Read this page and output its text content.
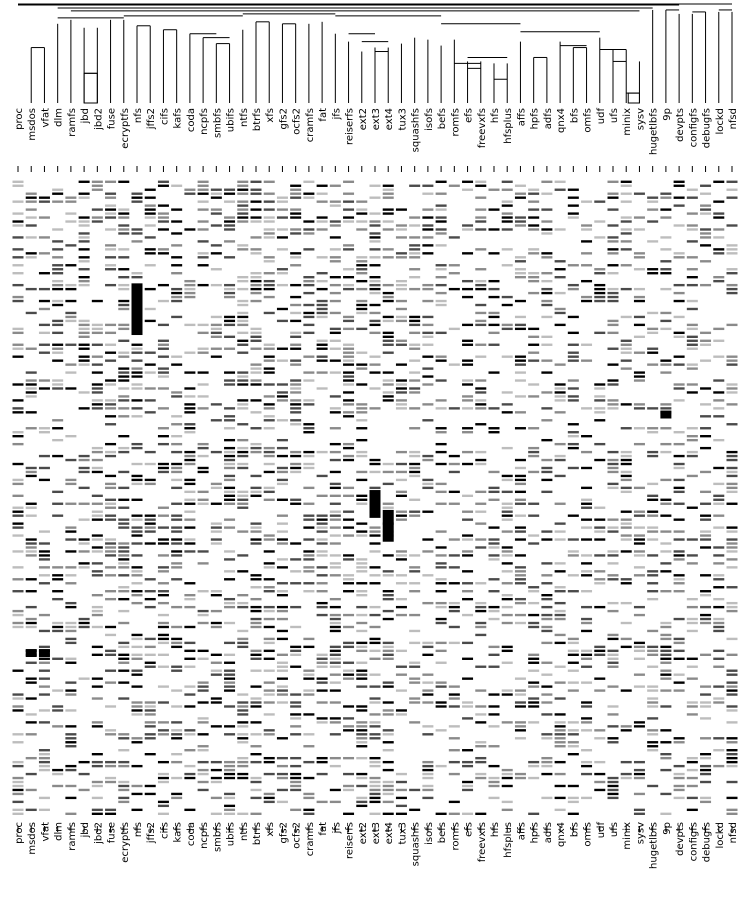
proc msdos vfat dlm ramfs jbd jbd2 fuse ecryptfs nfs jffs2 cifs kafs coda ncpfs smbfs ubifs ntfs btrfs xfs gfs2 ocfs2 cramfs fat jfs reiserfs ext2 ext3 ext4 tux3 squashfs isofs befs romfs efs freevxfs hfs hfsplus affs hpfs adfs qnx4 bfs omfs udf ufs minix sysv hugetlbfs 9p devpts configfs debugfs lockd nfsd
proc msdos vfat dlm ramfs jbd jbd2 fuse ecryptfs nfs jffs2 cifs kafs coda ncpfs smbfs ubifs ntfs btrfs xfs gfs2 ocfs2 cramfs fat jfs reiserfs ext2 ext3 ext4 tux3 squashfs isofs befs romfs efs freevxfs hfs hfsplus affs hpfs adfs qnx4 bfs omfs udf ufs minix sysv hugetlbfs 9p devpts configfs debugfs lockd nfsd
